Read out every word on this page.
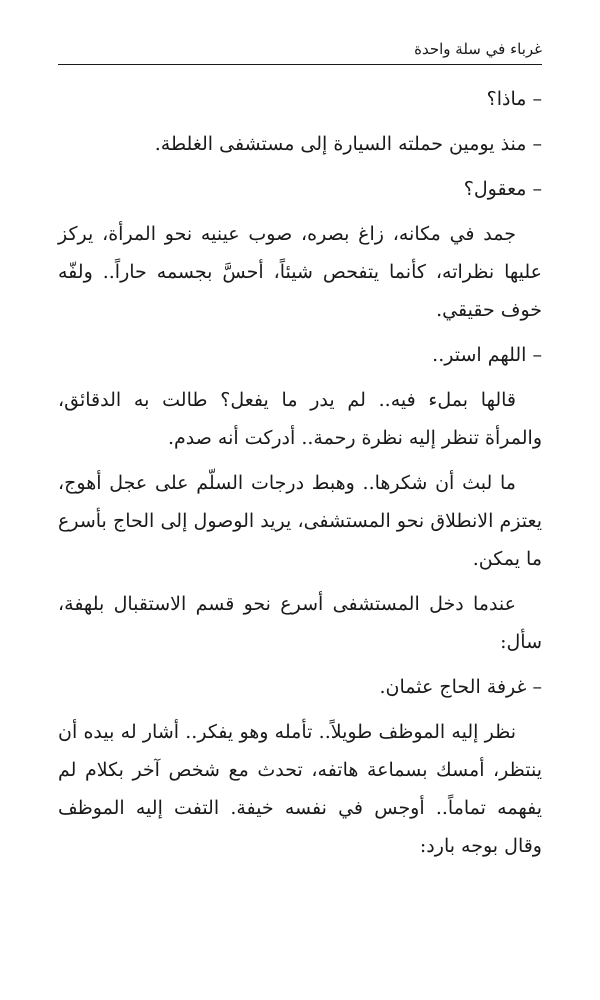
غرباء في سلة واحدة

– ماذا؟

– منذ يومين حملته السيارة إلى مستشفى الغلطة.

– معقول؟

جمد في مكانه، زاغ بصره، صوب عينيه نحو المرأة، يركز عليها نظراته، كأنما يتفحص شيئاً، أحسَّ بجسمه حاراً.. ولفّه خوف حقيقي.

– اللهم استر..

قالها بملء فيه.. لم يدر ما يفعل؟ طالت به الدقائق، والمرأة تنظر إليه نظرة رحمة.. أدركت أنه صدم.

ما لبث أن شكرها.. وهبط درجات السلّم على عجل أهوج، يعتزم الانطلاق نحو المستشفى، يريد الوصول إلى الحاج بأسرع ما يمكن.

عندما دخل المستشفى أسرع نحو قسم الاستقبال بلهفة، سأل:

– غرفة الحاج عثمان.

نظر إليه الموظف طويلاً.. تأمله وهو يفكر.. أشار له بيده أن ينتظر، أمسك بسماعة هاتفه، تحدث مع شخص آخر بكلام لم يفهمه تماماً.. أوجس في نفسه خيفة. التفت إليه الموظف وقال بوجه بارد:
